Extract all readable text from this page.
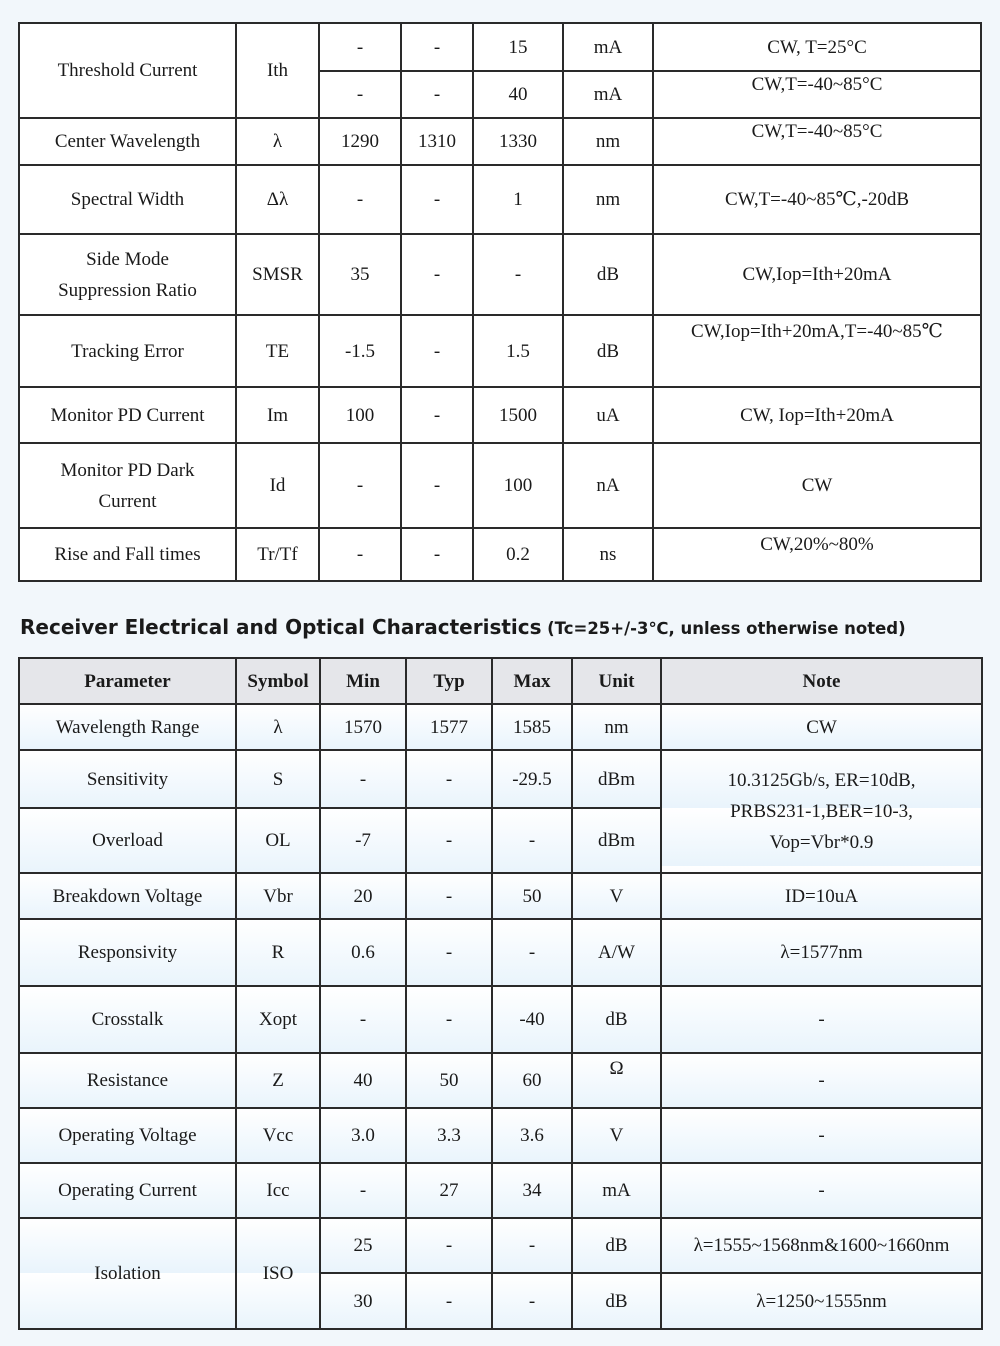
Threshold Current	Ith	-	-	15	mA	CW, T=25°C
		-	-	40	mA	CW,T=-40~85°C
Center Wavelength	λ	1290	1310	1330	nm	CW,T=-40~85°C
Spectral Width	Δλ	-	-	1	nm	CW,T=-40~85℃,-20dB

Side Mode
Suppression Ratio	SMSR	35	-	-	dB	CW,Iop=Ith+20mA
Tracking Error	TE	-1.5	-	1.5	dB	CW,Iop=Ith+20mA,T=-40~85℃
Monitor PD Current	Im	100	-	1500	uA	CW, Iop=Ith+20mA

Monitor PD Dark
Current	Id	-	-	100	nA	CW
Rise and Fall times	Tr/Tf	-	-	0.2	ns	CW,20%~80%
Receiver Electrical and Optical Characteristics (Tc=25+/-3℃, unless otherwise noted)
Parameter	Symbol	Min	Typ	Max	Unit	Note
Wavelength Range	λ	1570	1577	1585	nm	CW
Sensitivity	S	-	-	-29.5	dBm	10.3125Gb/s, ER=10dB,
PRBS231-1,BER=10-3,
Vop=Vbr*0.9

Overload	OL	-7	-	-	dBm	
Breakdown Voltage	Vbr	20	-	50	V	ID=10uA
Responsivity	R	0.6	-	-	A/W	λ=1577nm
Crosstalk	Xopt	-	-	-40	dB	-
Resistance	Z	40	50	60	Ω	-
Operating Voltage	Vcc	3.0	3.3	3.6	V	-
Operating Current	Icc	-	27	34	mA	-
Isolation	ISO	25	-	-	dB	λ=1555~1568nm&1600~1660nm
		30	-	-	dB	λ=1250~1555nm
